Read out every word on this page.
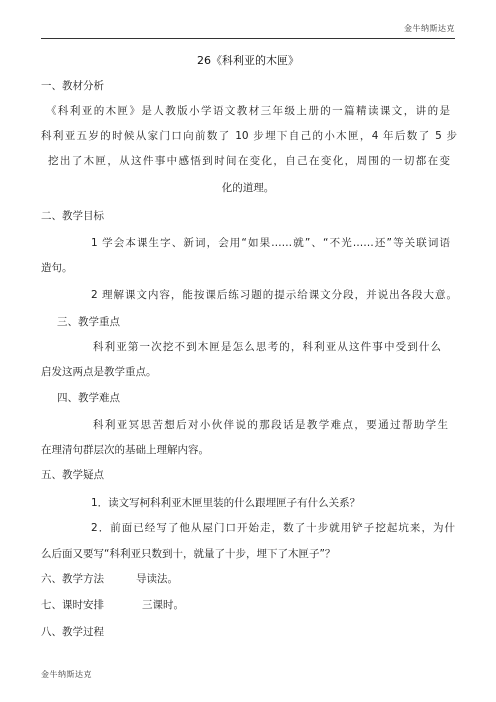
金牛纳斯达克
26《科利亚的木匣》
一、教材分析
《科利亚的木匣》是人教版小学语文教材三年级上册的一篇精读课文，讲的是
科利亚五岁的时候从家门口向前数了 10 步埋下自己的小木匣，4 年后数了 5 步
挖出了木匣，从这件事中感悟到时间在变化，自己在变化，周围的一切都在变
化的道理。
二、教学目标
1 学会本课生字、新词，会用“如果……就”、“不光……还”等关联词语
造句。
2 理解课文内容，能按课后练习题的提示给课文分段，并说出各段大意。
三、教学重点
科利亚第一次挖不到木匣是怎么思考的，科利亚从这件事中受到什么
启发这两点是教学重点。
四、教学难点
科利亚冥思苦想后对小伙伴说的那段话是教学难点，要通过帮助学生
在理清句群层次的基础上理解内容。
五、教学疑点
1．读文写柯科利亚木匣里装的什么跟埋匣子有什么关系？
2．前面已经写了他从屋门口开始走，数了十步就用铲子挖起坑来，为什
么后面又要写“科利亚只数到十，就量了十步，埋下了木匣子”？
六、教学方法	导读法。
七、课时安排	三课时。
八、教学过程
金牛纳斯达克
